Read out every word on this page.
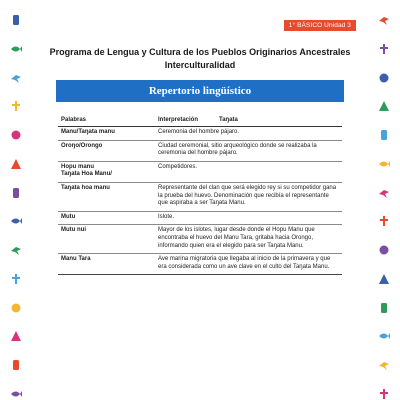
1° BÁSICO Unidad 3
Programa de Lengua y Cultura de los Pueblos Originarios Ancestrales
Interculturalidad
Repertorio lingüístico
Palabras	Interpretación	Taŋata

Manu/Taŋata manu	Ceremonia del hombre pájaro.	

Oroŋo/Orongo	Ciudad ceremonial, sitio arqueológico donde se realizaba la ceremonia del hombre pájaro.	

Hopu manu
Taŋata Hoa Manu/	Competidores.	

Taŋata hoa manu	Representante del clan que será elegido rey si su competidor gana la prueba del huevo. Denominación que recibía el representante que aspiraba a ser Taŋata Manu.	

Mutu	Islote.	

Mutu nui	Mayor de los islotes, lugar desde donde el Hopu Manu que encontraba el huevo del Manu Tara, gritaba hacia Orongo, informando quien era el elegido para ser Taŋata Manu.	

Manu Tara	Ave marina migratoria que llegaba al inicio de la primavera y que era considerada como un ave clave en el culto del Taŋata Manu.	
